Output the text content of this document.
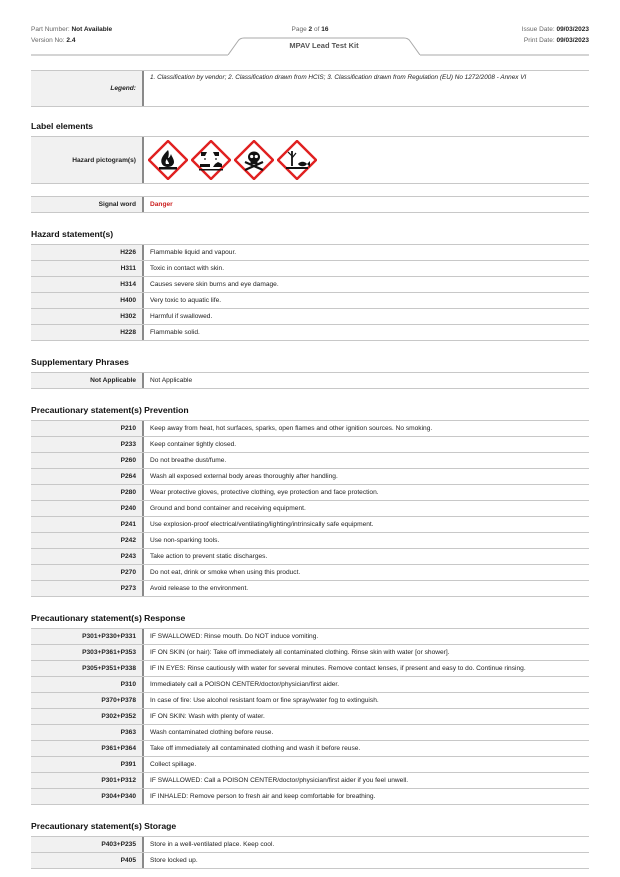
Part Number: Not Available
Version No: 2.4
Page 2 of 16	Issue Date: 09/03/2023
Print Date: 09/03/2023
MPAV Lead Test Kit
Legend:
1. Classification by vendor; 2. Classification drawn from HCIS; 3. Classification drawn from Regulation (EU) No 1272/2008 - Annex VI
Label elements
Hazard pictogram(s)
Signal word	Danger
Hazard statement(s)
H226	Flammable liquid and vapour.
H311	Toxic in contact with skin.
H314	Causes severe skin burns and eye damage.
H400	Very toxic to aquatic life.
H302	Harmful if swallowed.
H228	Flammable solid.
Supplementary Phrases
Not Applicable	Not Applicable
Precautionary statement(s) Prevention
P210	Keep away from heat, hot surfaces, sparks, open flames and other ignition sources. No smoking.
P233	Keep container tightly closed.
P260	Do not breathe dust/fume.
P264	Wash all exposed external body areas thoroughly after handling.
P280	Wear protective gloves, protective clothing, eye protection and face protection.
P240	Ground and bond container and receiving equipment.
P241	Use explosion-proof electrical/ventilating/lighting/intrinsically safe equipment.
P242	Use non-sparking tools.
P243	Take action to prevent static discharges.
P270	Do not eat, drink or smoke when using this product.
P273	Avoid release to the environment.
Precautionary statement(s) Response
P301+P330+P331	IF SWALLOWED: Rinse mouth. Do NOT induce vomiting.
P303+P361+P353	IF ON SKIN (or hair): Take off immediately all contaminated clothing. Rinse skin with water [or shower].
P305+P351+P338	IF IN EYES: Rinse cautiously with water for several minutes. Remove contact lenses, if present and easy to do. Continue rinsing.
P310	Immediately call a POISON CENTER/doctor/physician/first aider.
P370+P378	In case of fire: Use alcohol resistant foam or fine spray/water fog to extinguish.
P302+P352	IF ON SKIN: Wash with plenty of water.
P363	Wash contaminated clothing before reuse.
P361+P364	Take off immediately all contaminated clothing and wash it before reuse.
P391	Collect spillage.
P301+P312	IF SWALLOWED: Call a POISON CENTER/doctor/physician/first aider if you feel unwell.
P304+P340	IF INHALED: Remove person to fresh air and keep comfortable for breathing.
Precautionary statement(s) Storage
P403+P235	Store in a well-ventilated place. Keep cool.
P405	Store locked up.
